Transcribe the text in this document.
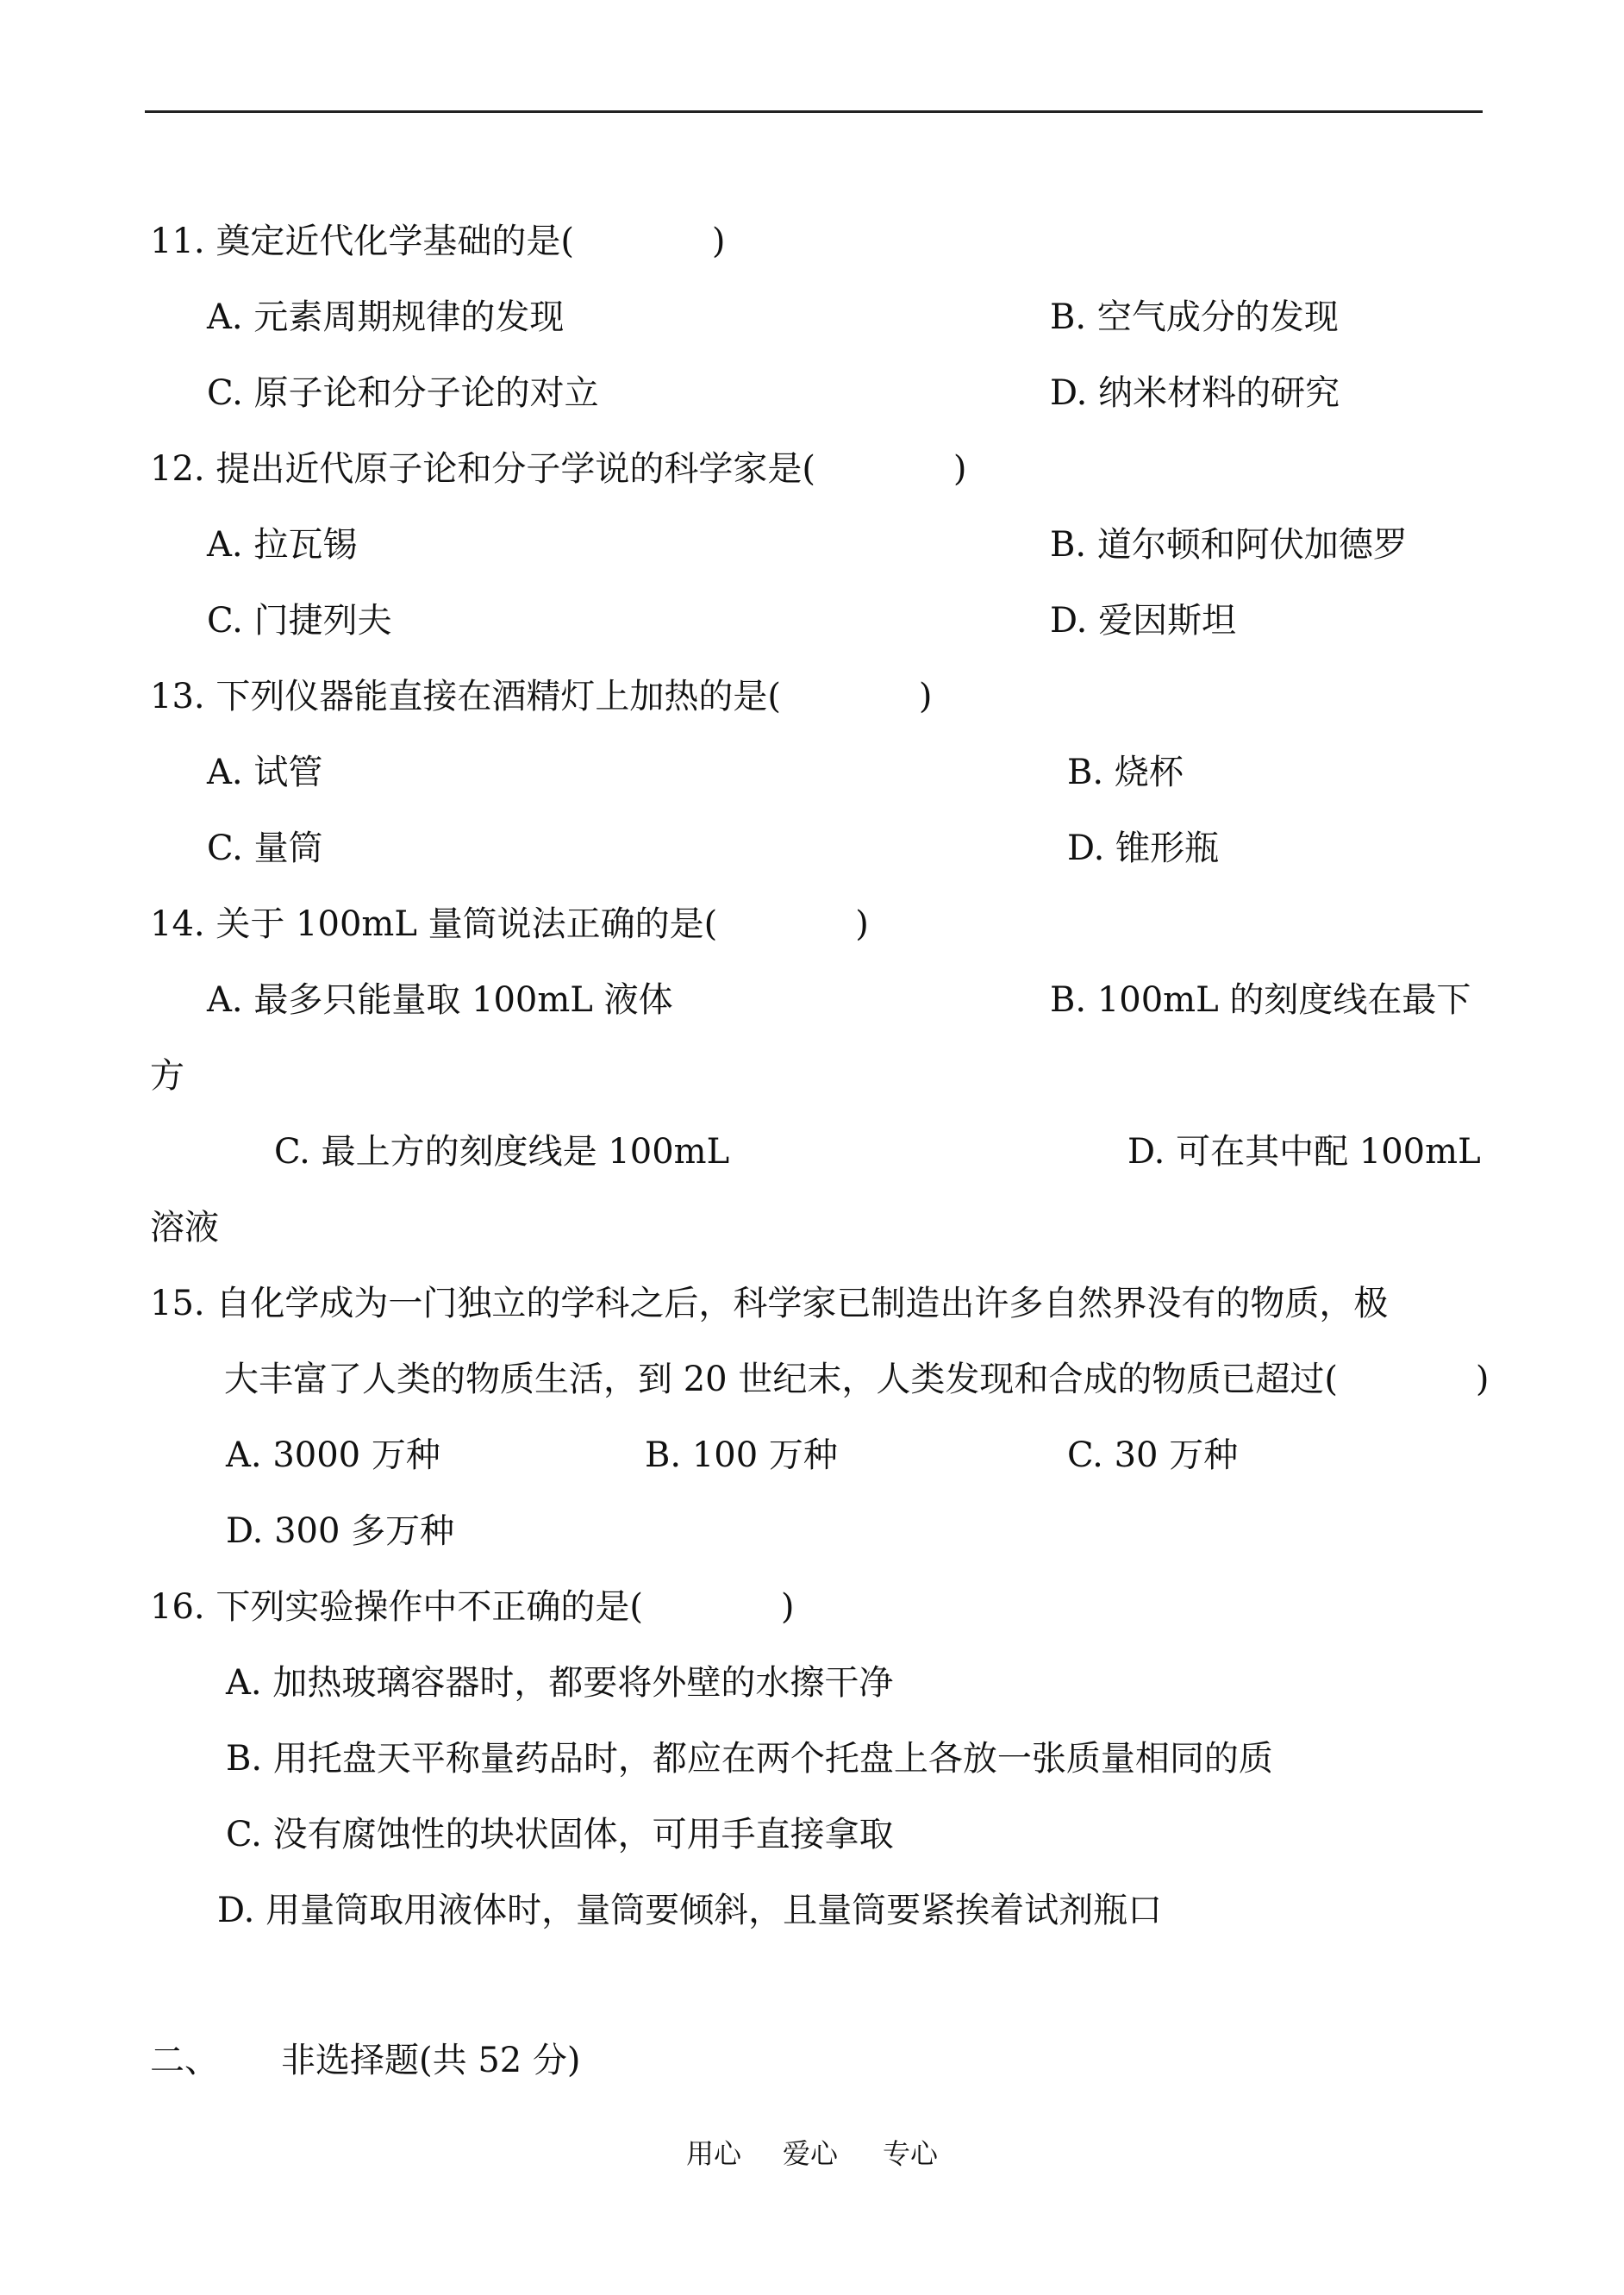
11. 奠定近代化学基础的是(　　　　)
A. 元素周期规律的发现	B. 空气成分的发现
C. 原子论和分子论的对立	D. 纳米材料的研究
12. 提出近代原子论和分子学说的科学家是(　　　　)
A. 拉瓦锡	B. 道尔顿和阿伏加德罗
C. 门捷列夫	D. 爱因斯坦
13. 下列仪器能直接在酒精灯上加热的是(　　　　)
A. 试管	B. 烧杯
C. 量筒	D. 锥形瓶
14. 关于 100mL 量筒说法正确的是(　　　　)
A. 最多只能量取 100mL 液体	B. 100mL 的刻度线在最下
方
C. 最上方的刻度线是 100mL	D. 可在其中配 100mL
溶液
15. 自化学成为一门独立的学科之后，科学家已制造出许多自然界没有的物质，极
大丰富了人类的物质生活，到 20 世纪末，人类发现和合成的物质已超过(　　　　)
A. 3000 万种	B. 100 万种	C. 30 万种
D. 300 多万种
16. 下列实验操作中不正确的是(　　　　)
A. 加热玻璃容器时，都要将外壁的水擦干净
B. 用托盘天平称量药品时，都应在两个托盘上各放一张质量相同的质
C. 没有腐蚀性的块状固体，可用手直接拿取
D. 用量筒取用液体时，量筒要倾斜，且量筒要紧挨着试剂瓶口
二、 非选择题(共 52 分)
用心 爱心 专心
